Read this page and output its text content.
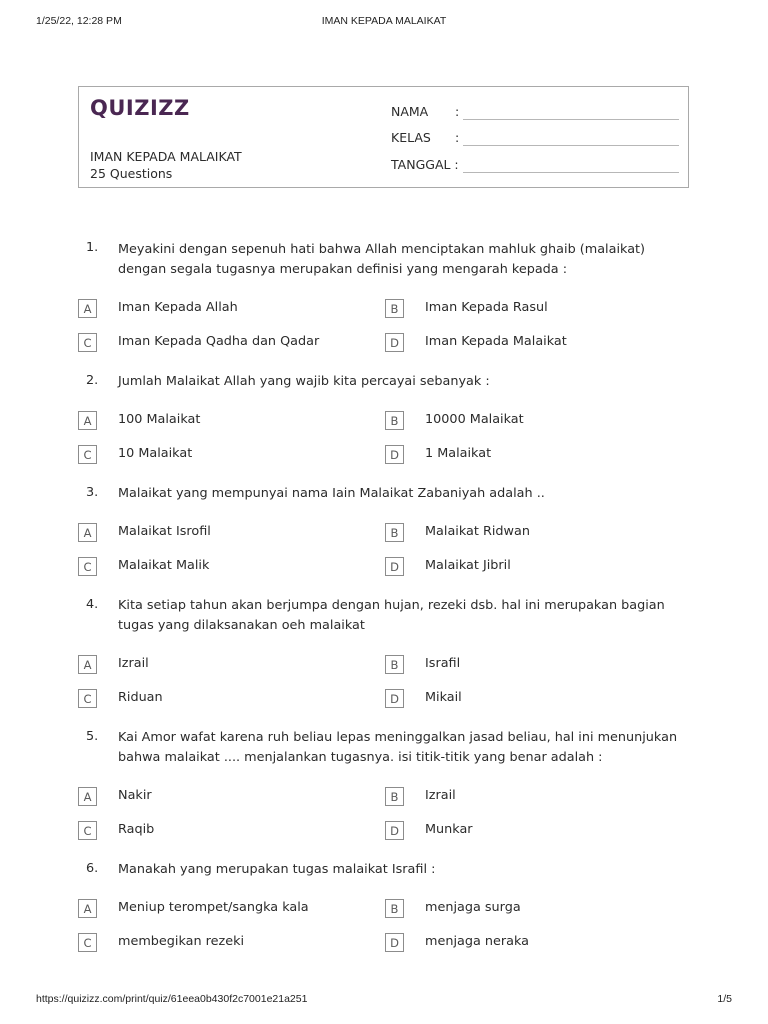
1/25/22, 12:28 PM	IMAN KEPADA MALAIKAT
QUIZIZZ
IMAN KEPADA MALAIKAT
25 Questions
NAMA :
KELAS :
TANGGAL :
1. Meyakini dengan sepenuh hati bahwa Allah menciptakan mahluk ghaib (malaikat) dengan segala tugasnya merupakan definisi yang mengarah kepada :
A	Iman Kepada Allah	B	Iman Kepada Rasul
C	Iman Kepada Qadha dan Qadar	D	Iman Kepada Malaikat
2. Jumlah Malaikat Allah yang wajib kita percayai sebanyak :
A	100 Malaikat	B	10000 Malaikat
C	10 Malaikat	D	1 Malaikat
3. Malaikat yang mempunyai nama Iain Malaikat Zabaniyah adalah ..
A	Malaikat Isrofil	B	Malaikat Ridwan
C	Malaikat Malik	D	Malaikat Jibril
4. Kita setiap tahun akan berjumpa dengan hujan, rezeki dsb. hal ini merupakan bagian tugas yang dilaksanakan oeh malaikat
A	Izrail	B	Israfil
C	Riduan	D	Mikail
5. Kai Amor wafat karena ruh beliau lepas meninggalkan jasad beliau, hal ini menunjukan bahwa malaikat .... menjalankan tugasnya. isi titik-titik yang benar adalah :
A	Nakir	B	Izrail
C	Raqib	D	Munkar
6. Manakah yang merupakan tugas malaikat Israfil :
A	Meniup terompet/sangka kala	B	menjaga surga
C	membegikan rezeki	D	menjaga neraka
https://quizizz.com/print/quiz/61eea0b430f2c7001e21a251	1/5
